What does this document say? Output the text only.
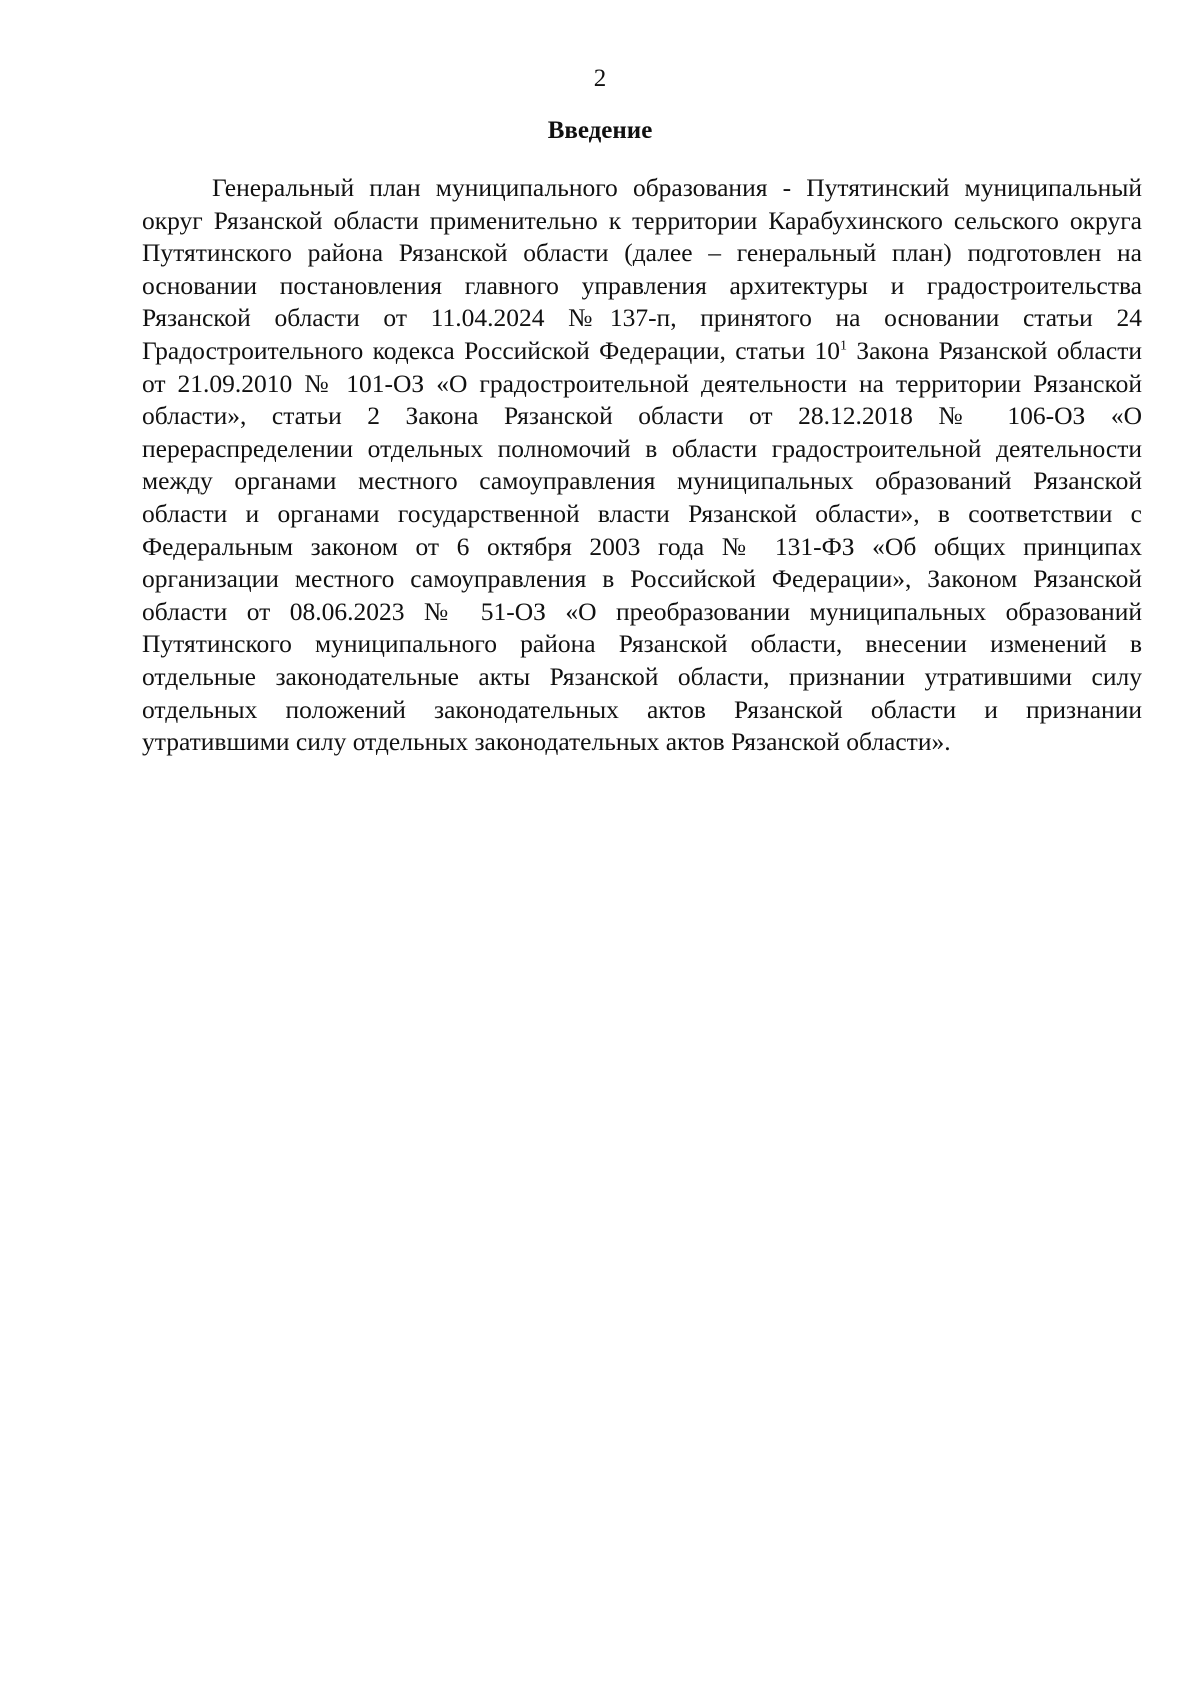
2
Введение

Генеральный план муниципального образования - Путятинский муниципальный округ Рязанской области применительно к территории Карабухинского сельского округа Путятинского района Рязанской области (далее – генеральный план) подготовлен на основании постановления главного управления архитектуры и градостроительства Рязанской области от 11.04.2024 №137-п, принятого на основании статьи 24 Градостроительного кодекса Российской Федерации, статьи $10^1$ Закона Рязанской области от 21.09.2010 № 101-ОЗ «О градостроительной деятельности на территории Рязанской области», статьи 2 Закона Рязанской области от 28.12.2018 № 106-ОЗ «О перераспределении отдельных полномочий в области градостроительной деятельности между органами местного самоуправления муниципальных образований Рязанской области и органами государственной власти Рязанской области», в соответствии с Федеральным законом от 6 октября 2003 года № 131-ФЗ «Об общих принципах организации местного самоуправления в Российской Федерации», Законом Рязанской области от 08.06.2023 № 51-ОЗ «О преобразовании муниципальных образований Путятинского муниципального района Рязанской области, внесении изменений в отдельные законодательные акты Рязанской области, признании утратившими силу отдельных положений законодательных актов Рязанской области и признании утратившими силу отдельных законодательных актов Рязанской области».
